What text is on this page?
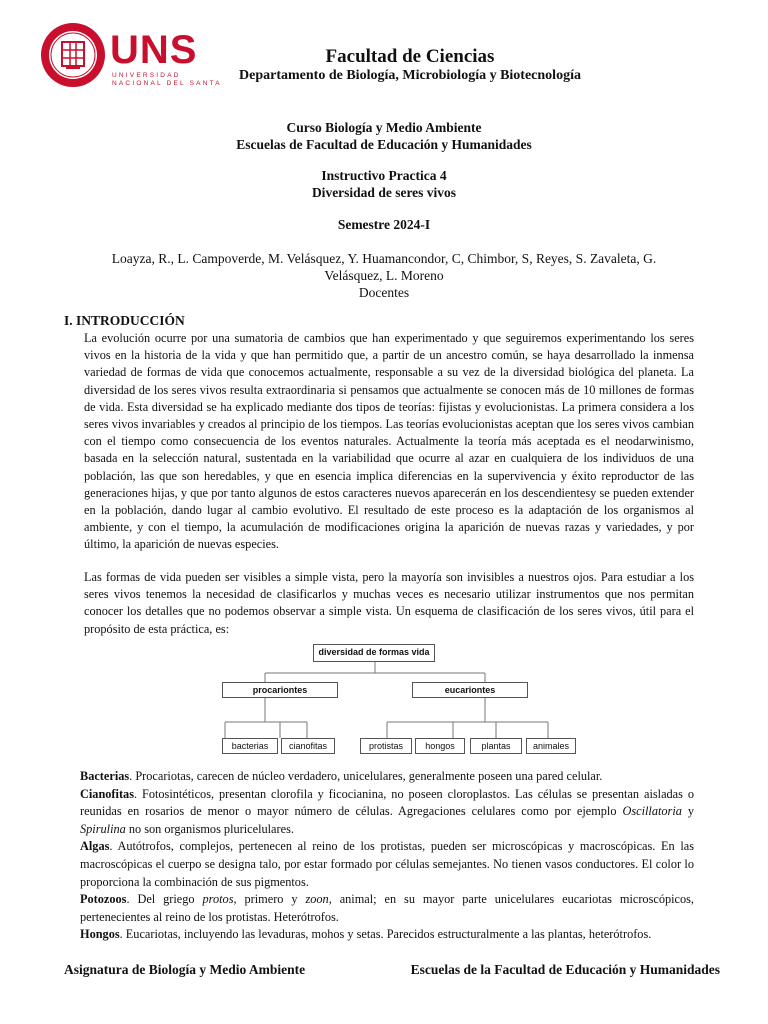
UNS
UNIVERSIDAD
NACIONAL DEL SANTA
Facultad de Ciencias
Departamento de Biología, Microbiología y Biotecnología
Curso Biología y Medio Ambiente
Escuelas de Facultad de Educación y Humanidades
Instructivo Practica 4
Diversidad de seres vivos
Semestre 2024-I
Loayza, R., L. Campoverde, M. Velásquez, Y. Huamancondor, C, Chimbor, S, Reyes, S. Zavaleta, G.
Velásquez, L. Moreno
Docentes
I. INTRODUCCIÓN

La evolución ocurre por una sumatoria de cambios que han experimentado y que seguiremos experimentando los seres vivos en la historia de la vida y que han permitido que, a partir de un ancestro común, se haya desarrollado la inmensa variedad de formas de vida que conocemos actualmente, responsable a su vez de la diversidad biológica del planeta. La diversidad de los seres vivos resulta extraordinaria si pensamos que actualmente se conocen más de 10 millones de formas de vida. Esta diversidad se ha explicado mediante dos tipos de teorías: fijistas y evolucionistas. La primera considera a los seres vivos invariables y creados al principio de los tiempos. Las teorías evolucionistas aceptan que los seres vivos cambian con el tiempo como consecuencia de los eventos naturales. Actualmente la teoría más aceptada es el neodarwinismo, basada en la selección natural, sustentada en la variabilidad que ocurre al azar en cualquiera de los individuos de una población, las que son heredables, y que en esencia implica diferencias en la supervivencia y éxito reproductor de las generaciones hijas, y que por tanto algunos de estos caracteres nuevos aparecerán en los descendientesy se pueden extender en la población, dando lugar al cambio evolutivo. El resultado de este proceso es la adaptación de los organismos al ambiente, y con el tiempo, la acumulación de modificaciones origina la aparición de nuevas razas y variedades, y por último, la aparición de nuevas especies.

Las formas de vida pueden ser visibles a simple vista, pero la mayoría son invisibles a nuestros ojos. Para estudiar a los seres vivos tenemos la necesidad de clasificarlos y muchas veces es necesario utilizar instrumentos que nos permitan conocer los detalles que no podemos observar a simple vista. Un esquema de clasificación de los seres vivos, útil para el propósito de esta práctica, es:

diversidad de formas vida
procariontes	eucariontes
bacterias	cianofitas	protistas	hongos	plantas	animales

Bacterias. Procariotas, carecen de núcleo verdadero, unicelulares, generalmente poseen una pared celular.

Cianofitas. Fotosintéticos, presentan clorofila y ficocianina, no poseen cloroplastos. Las células se presentan aisladas o reunidas en rosarios de menor o mayor número de células. Agregaciones celulares como por ejemplo Oscillatoria y Spirulina no son organismos pluricelulares.

Algas. Autótrofos, complejos, pertenecen al reino de los protistas, pueden ser microscópicas y macroscópicas. En las macroscópicas el cuerpo se designa talo, por estar formado por células semejantes. No tienen vasos conductores. El color lo proporciona la combinación de sus pigmentos.

Potozoos. Del griego protos, primero y zoon, animal; en su mayor parte unicelulares eucariotas microscópicos, pertenecientes al reino de los protistas. Heterótrofos.

Hongos. Eucariotas, incluyendo las levaduras, mohos y setas. Parecidos estructuralmente a las plantas, heterótrofos.

Asignatura de Biología y Medio Ambiente	Escuelas de la Facultad de Educación y Humanidades
